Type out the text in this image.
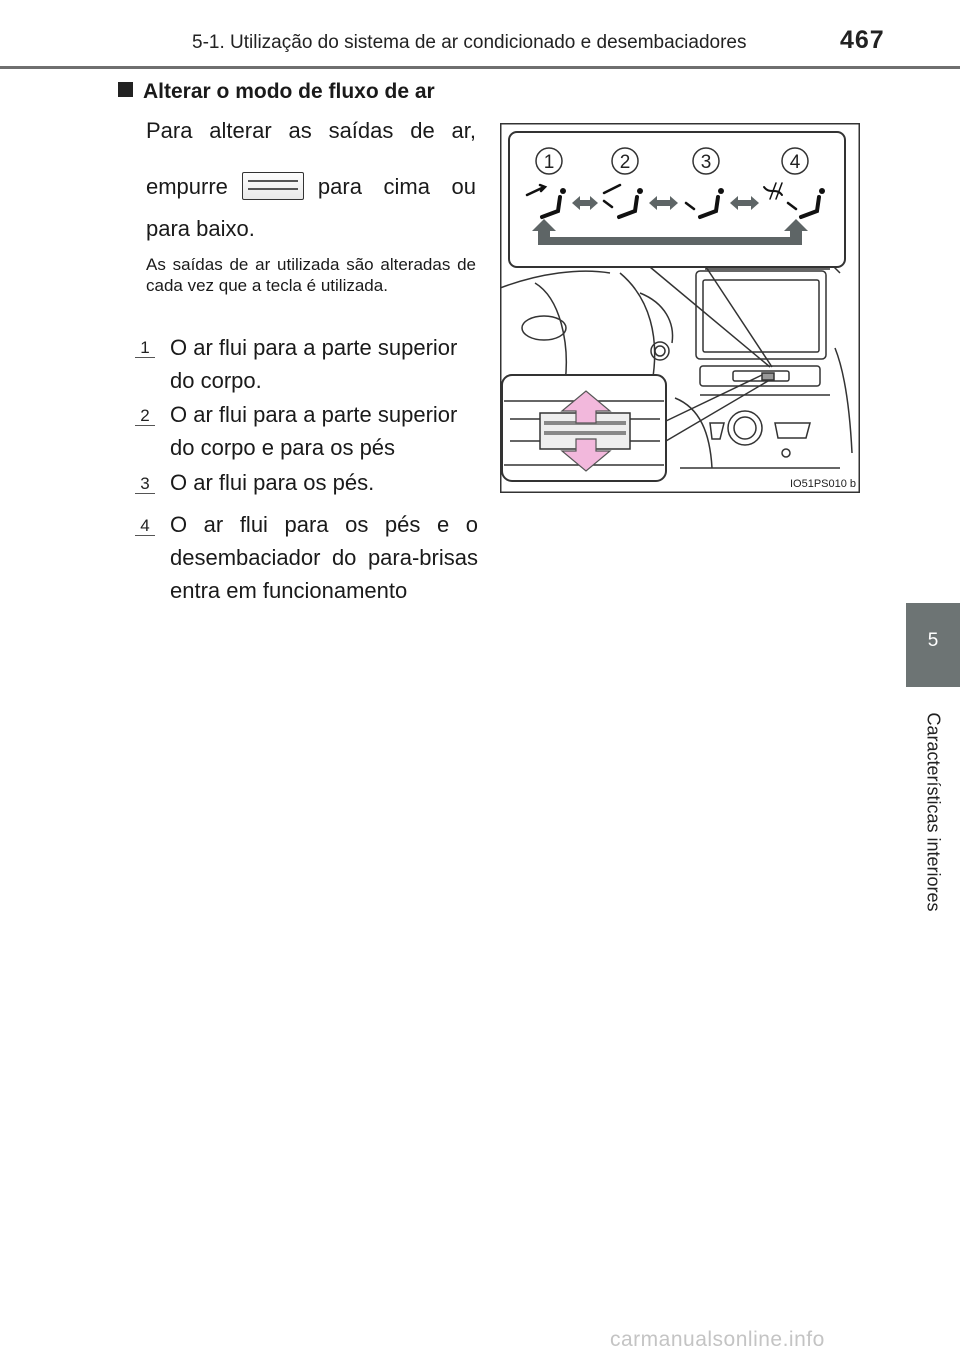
5-1. Utilização do sistema de ar condicionado e desembaciadores	467
5
Características interiores
Alterar o modo de fluxo de ar
Para alterar as saídas de ar,
empurre	para cima ou
para baixo.
As saídas de ar utilizada são alteradas de cada vez que a tecla é utilizada.
1 O ar flui para a parte superior do corpo.
2 O ar flui para a parte superior do corpo e para os pés
3 O ar flui para os pés.
4 O ar flui para os pés e o desembaciador do para-brisas entra em funcionamento
1	2	3	4
IO51PS010 b
carmanualsonline.info
